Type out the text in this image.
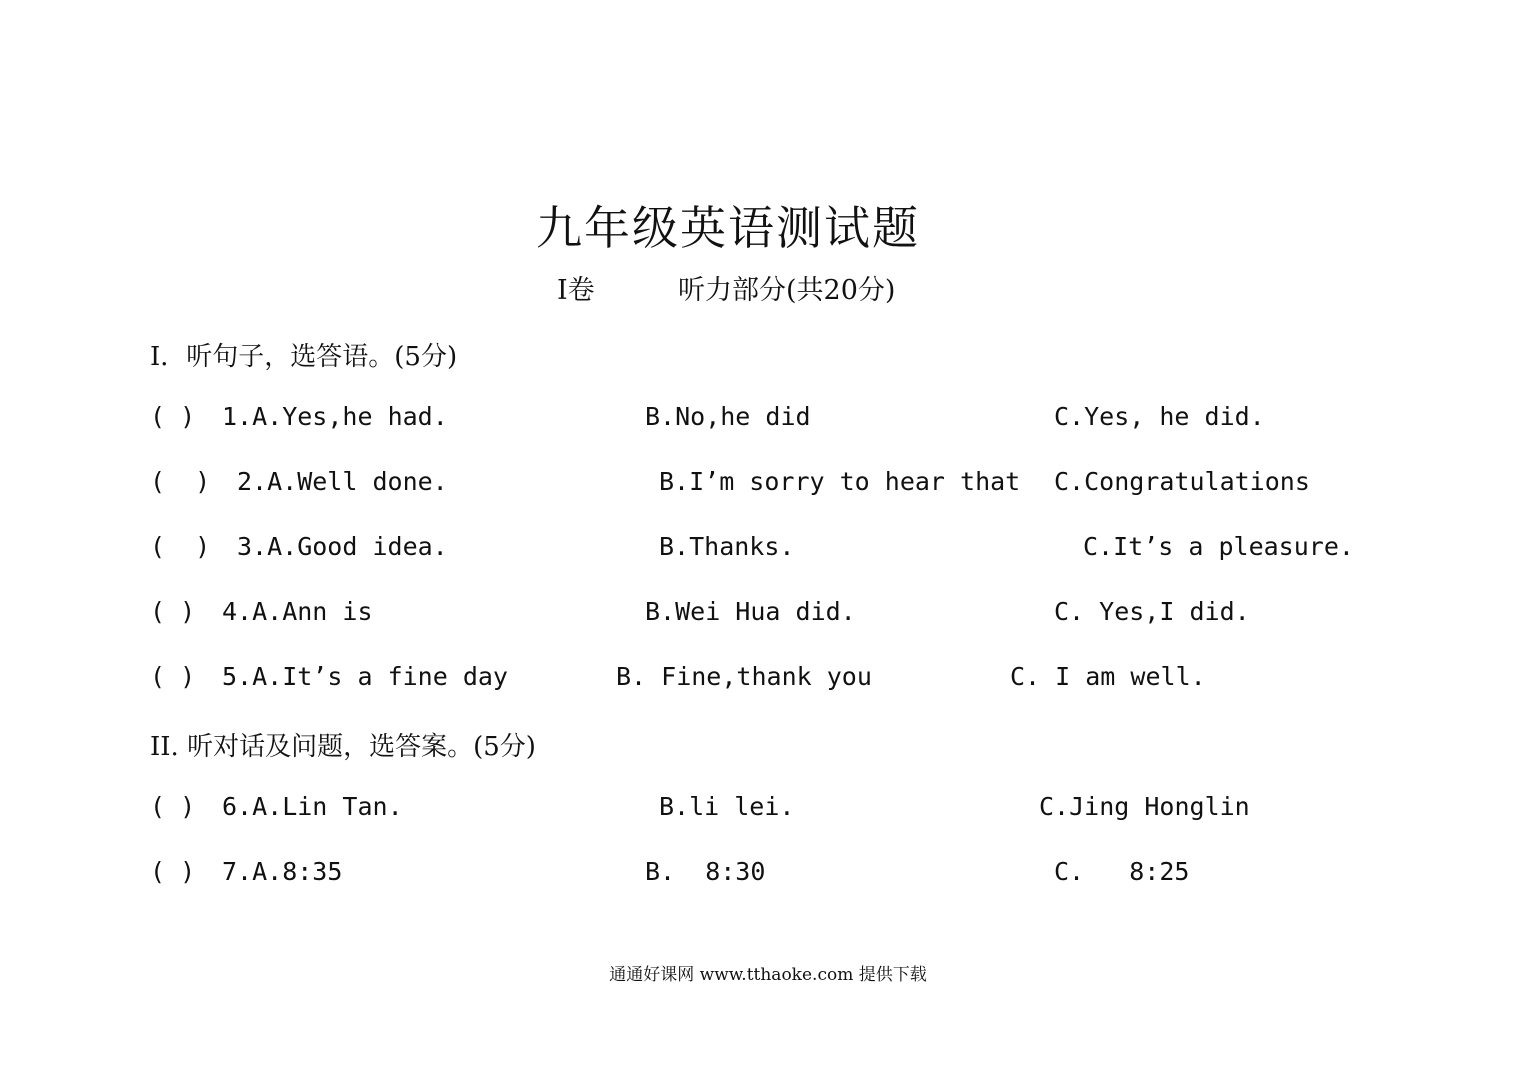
九年级英语测试题
I卷	听力部分(共20分)
I．听句子，选答语。(5分)
( ) 1.A.Yes,he had.	B.No,he did	C.Yes, he did.
(  ) 2.A.Well done.	B.I’m sorry to hear that C.Congratulations
(  ) 3.A.Good idea.	B.Thanks.	C.It’s a pleasure.
( ) 4.A.Ann is	B.Wei Hua did.	C. Yes,I did.
( ) 5.A.It’s a fine day	B. Fine,thank you	C. I am well.
II. 听对话及问题，选答案。(5分)
( ) 6.A.Lin Tan.	B.li lei.	C.Jing Honglin
( ) 7.A.8:35	B.  8:30	C.   8:25
通通好课网 www.tthaoke.com 提供下载
